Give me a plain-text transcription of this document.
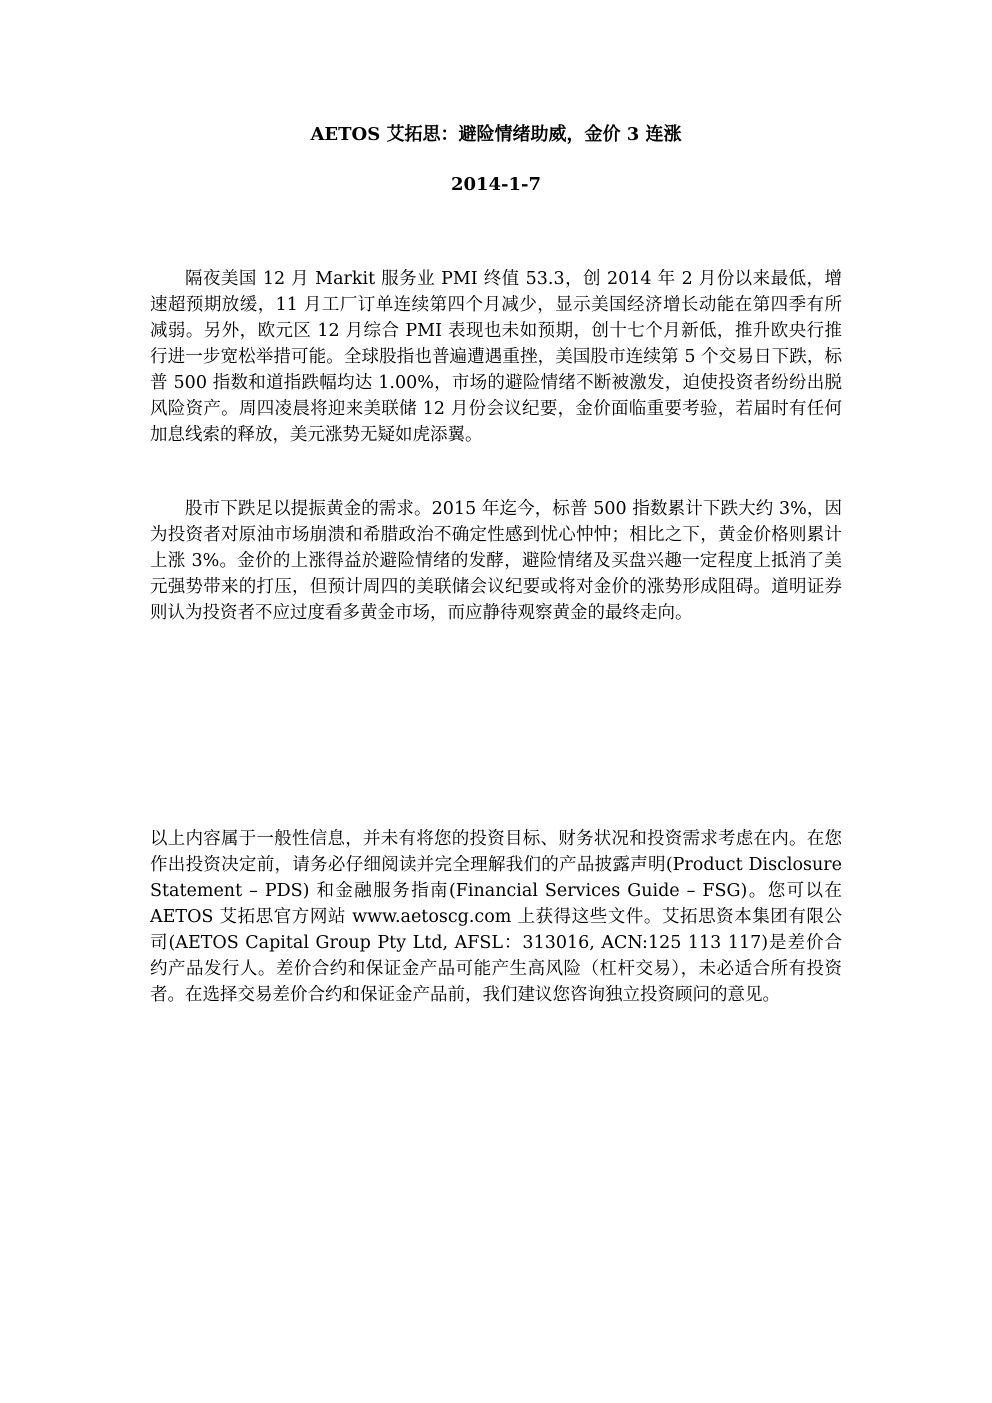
AETOS 艾拓思：避险情绪助威，金价 3 连涨
2014-1-7

隔夜美国 12 月 Markit 服务业 PMI 终值 53.3，创 2014 年 2 月份以来最低，增速超预期放缓，11 月工厂订单连续第四个月减少，显示美国经济增长动能在第四季有所减弱。另外，欧元区 12 月综合 PMI 表现也未如预期，创十七个月新低，推升欧央行推行进一步宽松举措可能。全球股指也普遍遭遇重挫，美国股市连续第 5 个交易日下跌，标普 500 指数和道指跌幅均达 1.00%，市场的避险情绪不断被激发，迫使投资者纷纷出脱风险资产。周四凌晨将迎来美联储 12 月份会议纪要，金价面临重要考验，若届时有任何加息线索的释放，美元涨势无疑如虎添翼。

股市下跌足以提振黄金的需求。2015 年迄今，标普 500 指数累计下跌大约 3%，因为投资者对原油市场崩溃和希腊政治不确定性感到忧心忡忡；相比之下，黄金价格则累计上涨 3%。金价的上涨得益於避险情绪的发酵，避险情绪及买盘兴趣一定程度上抵消了美元强势带来的打压，但预计周四的美联储会议纪要或将对金价的涨势形成阻碍。道明证券则认为投资者不应过度看多黄金市场，而应静待观察黄金的最终走向。

以上内容属于一般性信息，并未有将您的投资目标、财务状况和投资需求考虑在内。在您作出投资决定前，请务必仔细阅读并完全理解我们的产品披露声明(Product Disclosure Statement – PDS) 和金融服务指南(Financial Services Guide – FSG)。您可以在 AETOS 艾拓思官方网站 www.aetoscg.com 上获得这些文件。艾拓思资本集团有限公司(AETOS Capital Group Pty Ltd, AFSL：313016, ACN:125 113 117)是差价合约产品发行人。差价合约和保证金产品可能产生高风险（杠杆交易），未必适合所有投资者。在选择交易差价合约和保证金产品前，我们建议您咨询独立投资顾问的意见。
